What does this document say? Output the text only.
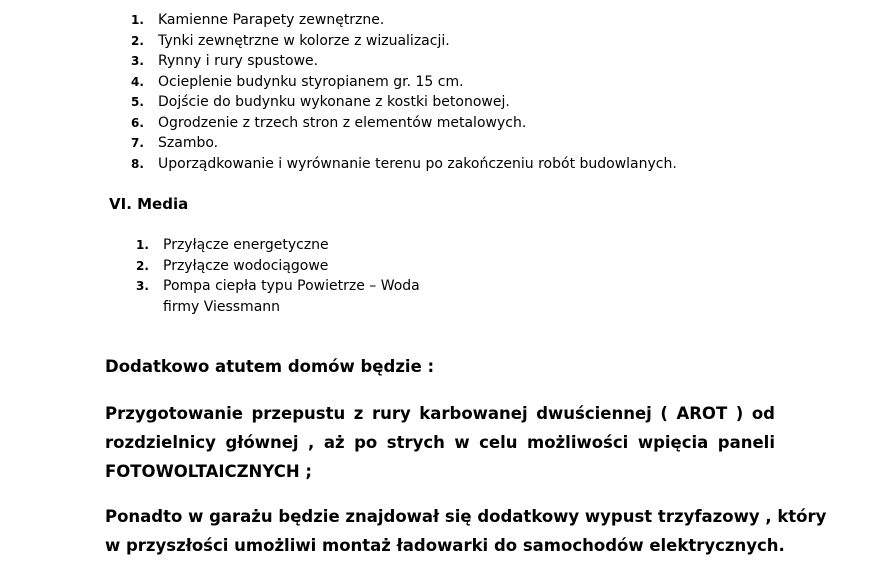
1. Kamienne Parapety zewnętrzne.
2. Tynki zewnętrzne w kolorze z wizualizacji.
3. Rynny i rury spustowe.
4. Ocieplenie budynku styropianem gr. 15 cm.
5. Dojście do budynku wykonane z kostki betonowej.
6. Ogrodzenie z trzech stron z elementów metalowych.
7. Szambo.
8. Uporządkowanie i wyrównanie terenu po zakończeniu robót budowlanych.
VI. Media
1. Przyłącze energetyczne
2. Przyłącze wodociągowe
3. Pompa ciepła typu Powietrze – Woda
firmy Viessmann

Dodatkowo atutem domów będzie :

Przygotowanie przepustu z rury karbowanej dwuściennej ( AROT ) od
rozdzielnicy głównej , aż po strych w celu możliwości wpięcia paneli
FOTOWOLTAICZNYCH ;

Ponadto w garażu będzie znajdował się dodatkowy wypust trzyfazowy , który
w przyszłości umożliwi montaż ładowarki do samochodów elektrycznych.
